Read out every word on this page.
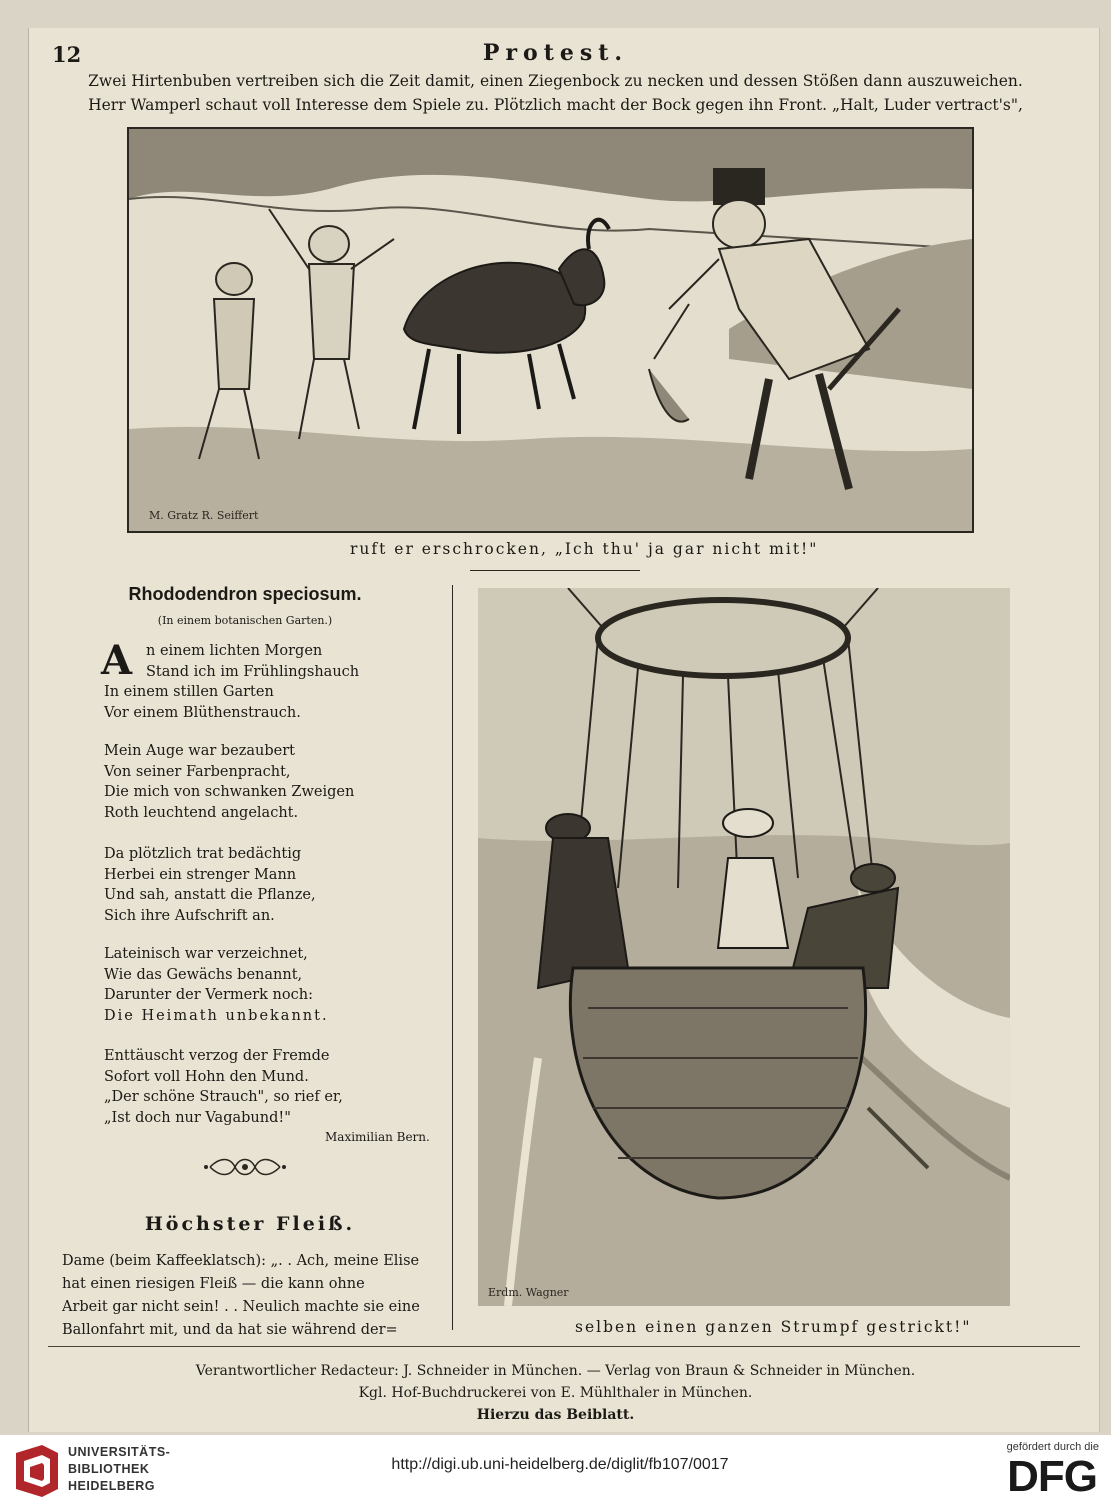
12	Protest.
Zwei Hirtenbuben vertreiben sich die Zeit damit, einen Ziegenbock zu necken und dessen Stößen dann auszuweichen.
Herr Wamperl schaut voll Interesse dem Spiele zu. Plötzlich macht der Bock gegen ihn Front. „Halt, Luder vertract's",
M. Gratz R. Seiffert
ruft er erschrocken, „Ich thu' ja gar nicht mit!"
Rhododendron speciosum.
(In einem botanischen Garten.)
A n einem lichten Morgen
Stand ich im Frühlingshauch
In einem stillen Garten
Vor einem Blüthenstrauch.
Mein Auge war bezaubert
Von seiner Farbenpracht,
Die mich von schwanken Zweigen
Roth leuchtend angelacht.
Da plötzlich trat bedächtig
Herbei ein strenger Mann
Und sah, anstatt die Pflanze,
Sich ihre Aufschrift an.
Lateinisch war verzeichnet,
Wie das Gewächs benannt,
Darunter der Vermerk noch:
Die Heimath unbekannt.
Enttäuscht verzog der Fremde
Sofort voll Hohn den Mund.
„Der schöne Strauch", so rief er,
„Ist doch nur Vagabund!"
Maximilian Bern.
Höchster Fleiß.
Dame (beim Kaffeeklatsch): „. . Ach, meine Elise
hat einen riesigen Fleiß — die kann ohne
Arbeit gar nicht sein! . . Neulich machte sie eine
Ballonfahrt mit, und da hat sie während der=
Erdm. Wagner
selben einen ganzen Strumpf gestrickt!"
Verantwortlicher Redacteur: J. Schneider in München. — Verlag von Braun & Schneider in München.
Kgl. Hof-Buchdruckerei von E. Mühlthaler in München.
Hierzu das Beiblatt.
UNIVERSITÄTS-
BIBLIOTHEK
HEIDELBERG
http://digi.ub.uni-heidelberg.de/diglit/fb107/0017
gefördert durch die
DFG
